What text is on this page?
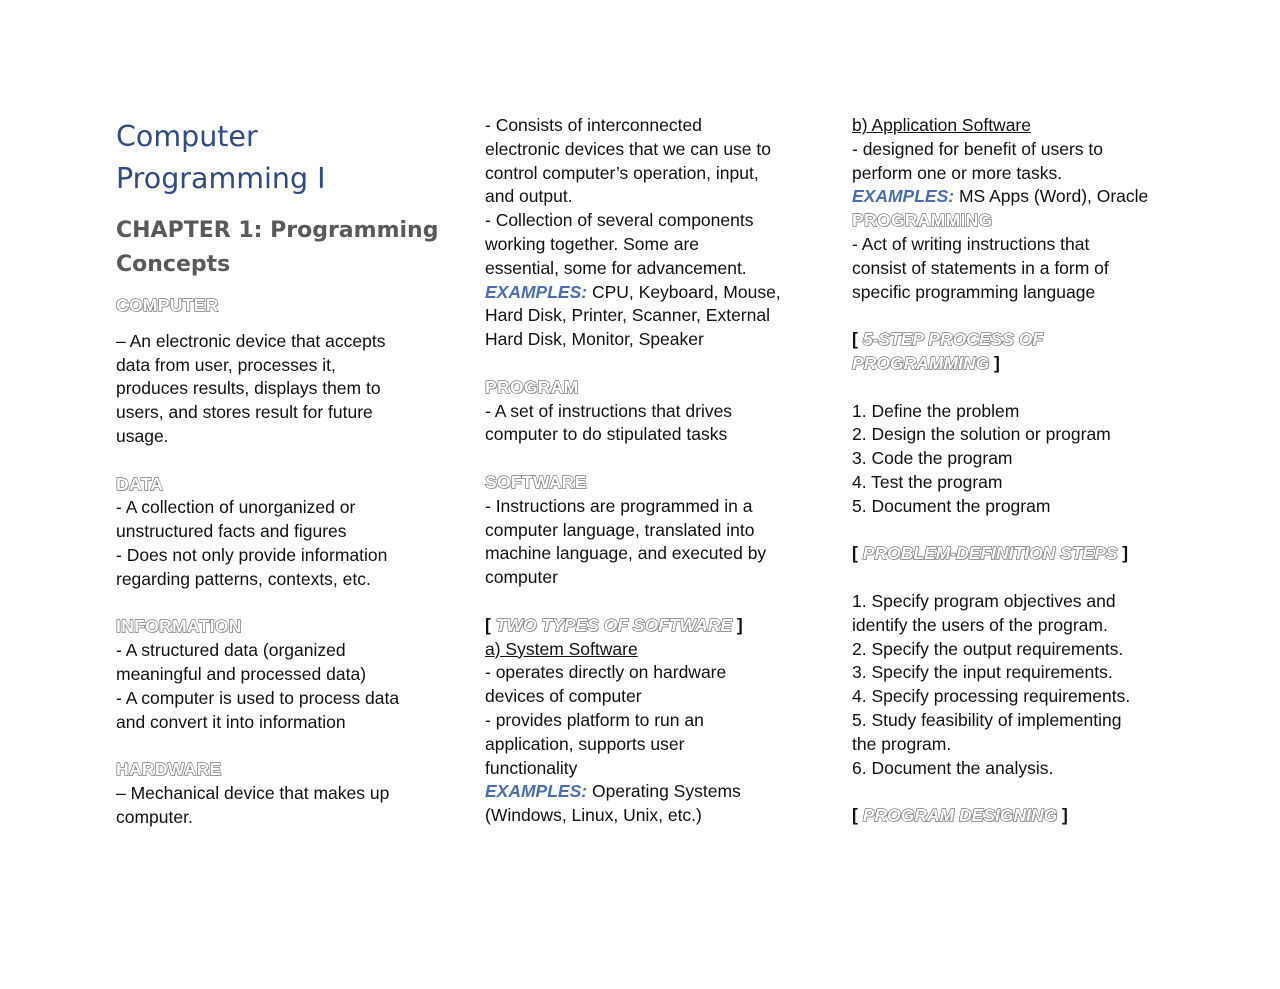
Computer
Programming I
CHAPTER 1: Programming
Concepts
COMPUTER

– An electronic device that accepts

data from user, processes it,

produces results, displays them to

users, and stores result for future

usage.

DATA

- A collection of unorganized or

unstructured facts and figures

- Does not only provide information

regarding patterns, contexts, etc.

INFORMATION

- A structured data (organized

meaningful and processed data)

- A computer is used to process data

and convert it into information

HARDWARE

– Mechanical device that makes up

computer.

- Consists of interconnected

electronic devices that we can use to

control computer’s operation, input,

and output.

- Collection of several components

working together. Some are

essential, some for advancement.

EXAMPLES: CPU, Keyboard, Mouse,

Hard Disk, Printer, Scanner, External

Hard Disk, Monitor, Speaker

PROGRAM

- A set of instructions that drives

computer to do stipulated tasks

SOFTWARE

- Instructions are programmed in a

computer language, translated into

machine language, and executed by

computer

[ TWO TYPES OF SOFTWARE ]

a) System Software

- operates directly on hardware

devices of computer

- provides platform to run an

application, supports user

functionality

EXAMPLES: Operating Systems

(Windows, Linux, Unix, etc.)

b) Application Software

- designed for benefit of users to

perform one or more tasks.

EXAMPLES: MS Apps (Word), Oracle

PROGRAMMING

- Act of writing instructions that

consist of statements in a form of

specific programming language

[ 5-STEP PROCESS OF

PROGRAMMING ]

1. Define the problem

2. Design the solution or program

3. Code the program

4. Test the program

5. Document the program

[ PROBLEM-DEFINITION STEPS ]

1. Specify program objectives and

identify the users of the program.

2. Specify the output requirements.

3. Specify the input requirements.

4. Specify processing requirements.

5. Study feasibility of implementing

the program.

6. Document the analysis.

[ PROGRAM DESIGNING ]
